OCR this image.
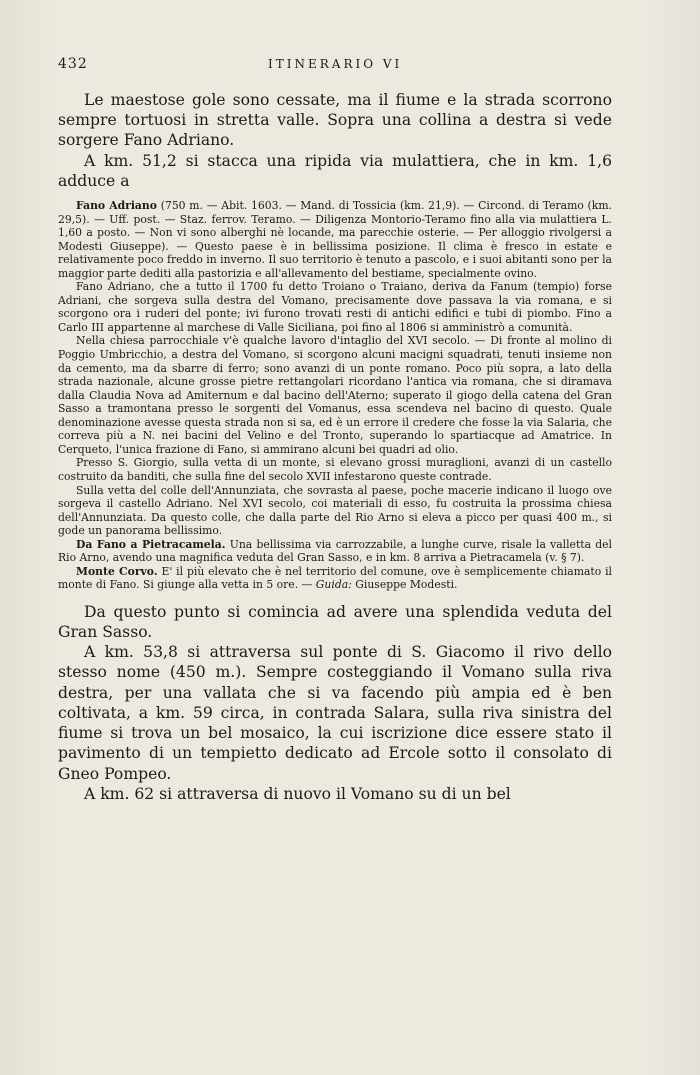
432	ITINERARIO VI

Le maestose gole sono cessate, ma il fiume e la strada scorrono sempre tortuosi in stretta valle. Sopra una collina a destra si vede sorgere Fano Adriano.

A km. 51,2 si stacca una ripida via mulattiera, che in km. 1,6 adduce a

Fano Adriano (750 m. — Abit. 1603. — Mand. di Tossicia (km. 21,9). — Circond. di Teramo (km. 29,5). — Uff. post. — Staz. ferrov. Teramo. — Diligenza Montorio-Teramo fino alla via mulattiera L. 1,60 a posto. — Non vi sono alberghi nè locande, ma parecchie osterie. — Per alloggio rivolgersi a Modesti Giuseppe). — Questo paese è in bellissima posizione. Il clima è fresco in estate e relativamente poco freddo in inverno. Il suo territorio è tenuto a pascolo, e i suoi abitanti sono per la maggior parte dediti alla pastorizia e all'allevamento del bestiame, specialmente ovino.

Fano Adriano, che a tutto il 1700 fu detto Troiano o Traiano, deriva da Fanum (tempio) forse Adriani, che sorgeva sulla destra del Vomano, precisamente dove passava la via romana, e si scorgono ora i ruderi del ponte; ivi furono trovati resti di antichi edifici e tubi di piombo. Fino a Carlo III appartenne al marchese di Valle Siciliana, poi fino al 1806 si amministrò a comunità.

Nella chiesa parrocchiale v'è qualche lavoro d'intaglio del XVI secolo. — Di fronte al molino di Poggio Umbricchio, a destra del Vomano, si scorgono alcuni macigni squadrati, tenuti insieme non da cemento, ma da sbarre di ferro; sono avanzi di un ponte romano. Poco più sopra, a lato della strada nazionale, alcune grosse pietre rettangolari ricordano l'antica via romana, che si diramava dalla Claudia Nova ad Amiternum e dal bacino dell'Aterno; superato il giogo della catena del Gran Sasso a tramontana presso le sorgenti del Vomanus, essa scendeva nel bacino di questo. Quale denominazione avesse questa strada non si sa, ed è un errore il credere che fosse la via Salaria, che correva più a N. nei bacini del Velino e del Tronto, superando lo spartiacque ad Amatrice. In Cerqueto, l'unica frazione di Fano, si ammirano alcuni bei quadri ad olio.

Presso S. Giorgio, sulla vetta di un monte, si elevano grossi muraglioni, avanzi di un castello costruito da banditi, che sulla fine del secolo XVII infestarono queste contrade.

Sulla vetta del colle dell'Annunziata, che sovrasta al paese, poche macerie indicano il luogo ove sorgeva il castello Adriano. Nel XVI secolo, coi materiali di esso, fu costruita la prossima chiesa dell'Annunziata. Da questo colle, che dalla parte del Rio Arno si eleva a picco per quasi 400 m., si gode un panorama bellissimo.

Da Fano a Pietracamela. Una bellissima via carrozzabile, a lunghe curve, risale la valletta del Rio Arno, avendo una magnifica veduta del Gran Sasso, e in km. 8 arriva a Pietracamela (v. § 7).

Monte Corvo. E' il più elevato che è nel territorio del comune, ove è semplicemente chiamato il monte di Fano. Si giunge alla vetta in 5 ore. — Guida: Giuseppe Modesti.

Da questo punto si comincia ad avere una splendida veduta del Gran Sasso.

A km. 53,8 si attraversa sul ponte di S. Giacomo il rivo dello stesso nome (450 m.). Sempre costeggiando il Vomano sulla riva destra, per una vallata che si va facendo più ampia ed è ben coltivata, a km. 59 circa, in contrada Salara, sulla riva sinistra del fiume si trova un bel mosaico, la cui iscrizione dice essere stato il pavimento di un tempietto dedicato ad Ercole sotto il consolato di Gneo Pompeo.

A km. 62 si attraversa di nuovo il Vomano su di un bel
